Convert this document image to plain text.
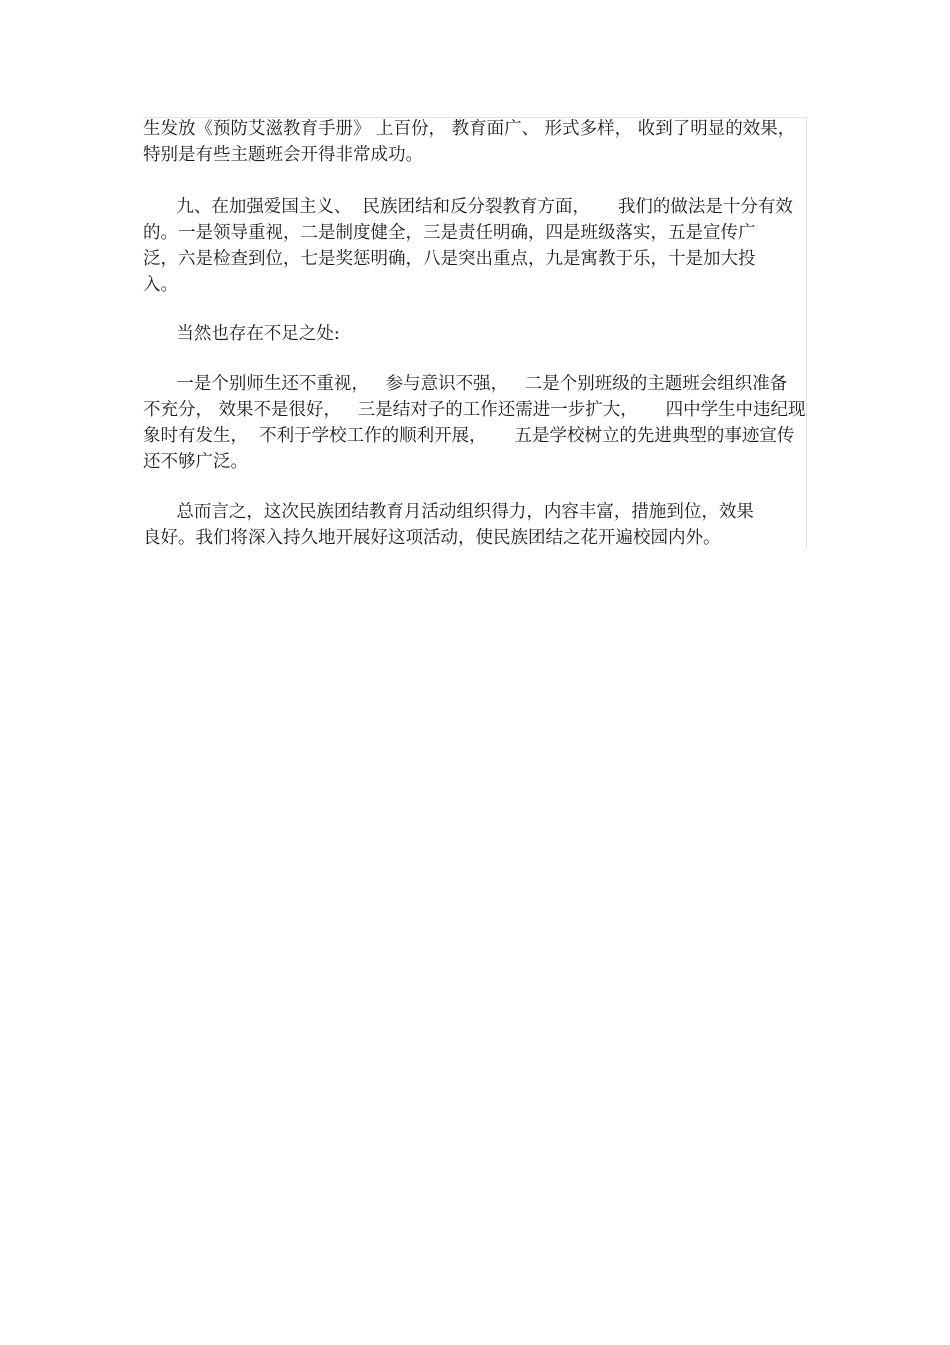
生发放《预防艾滋教育手册》 上百份， 教育面广、 形式多样， 收到了明显的效果，
特别是有些主题班会开得非常成功。
九、在加强爱国主义、  民族团结和反分裂教育方面，     我们的做法是十分有效
的。一是领导重视，二是制度健全，三是责任明确，四是班级落实，五是宣传广
泛，六是检查到位，七是奖惩明确，八是突出重点，九是寓教于乐，十是加大投
入。
当然也存在不足之处:
一是个别师生还不重视，   参与意识不强，   二是个别班级的主题班会组织准备
不充分， 效果不是很好，   三是结对子的工作还需进一步扩大，     四中学生中违纪现
象时有发生，  不利于学校工作的顺利开展，     五是学校树立的先进典型的事迹宣传
还不够广泛。
总而言之，这次民族团结教育月活动组织得力，内容丰富，措施到位，效果
良好。我们将深入持久地开展好这项活动，使民族团结之花开遍校园内外。
